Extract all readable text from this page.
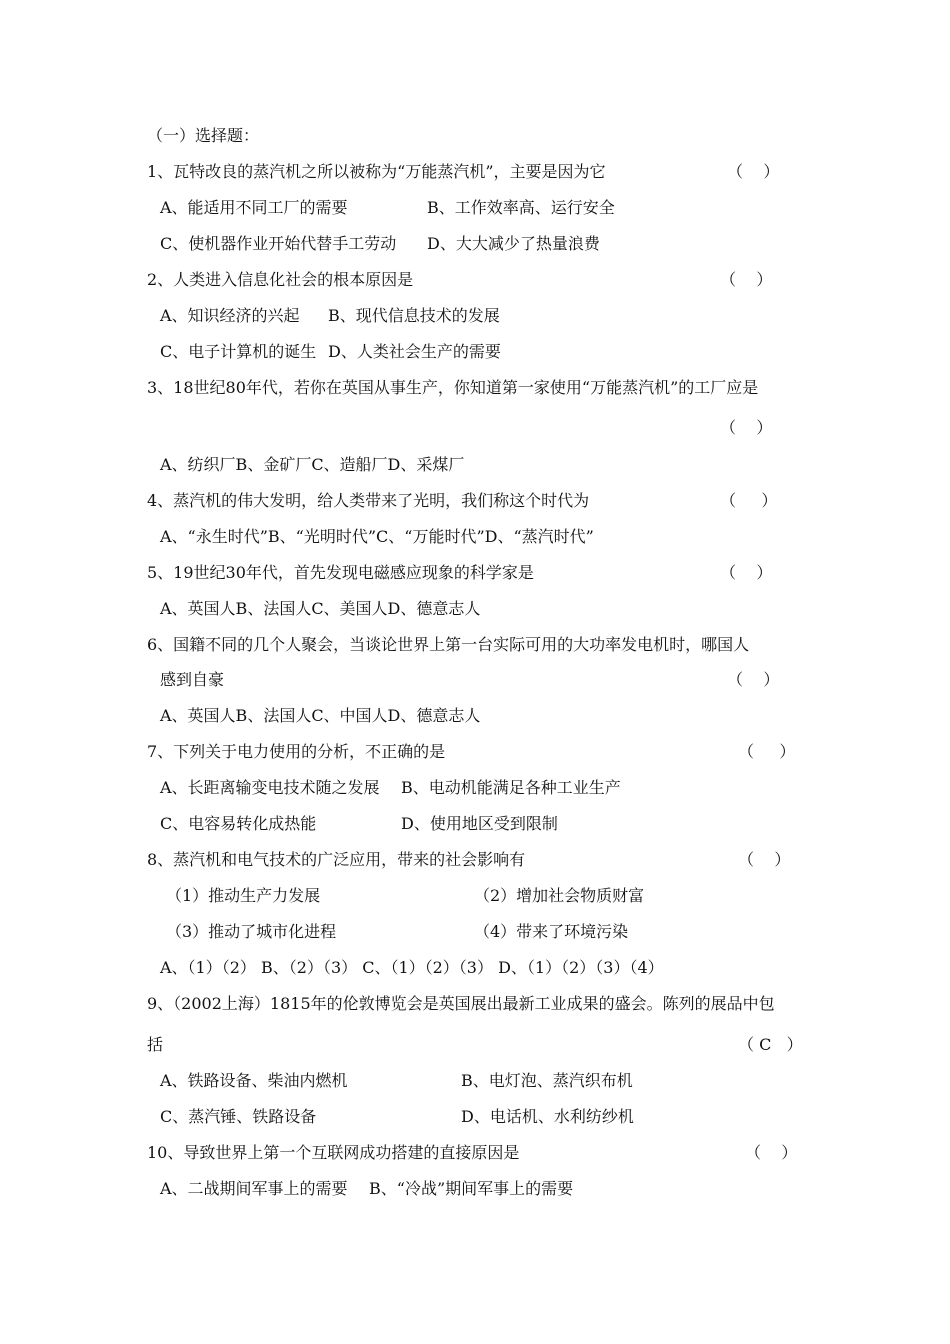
（一）选择题：
1、瓦特改良的蒸汽机之所以被称为“万能蒸汽机”，主要是因为它	（    ）
A、能适用不同工厂的需要	B、工作效率高、运行安全
C、使机器作业开始代替手工劳动 D、大大减少了热量浪费
2、人类进入信息化社会的根本原因是	（    ）
A、知识经济的兴起 B、现代信息技术的发展
C、电子计算机的诞生 D、人类社会生产的需要
3、18世纪80年代，若你在英国从事生产，你知道第一家使用“万能蒸汽机”的工厂应是
（    ）
A、纺织厂B、金矿厂C、造船厂D、采煤厂
4、蒸汽机的伟大发明，给人类带来了光明，我们称这个时代为	（     ）
A、“永生时代”B、“光明时代”C、“万能时代”D、“蒸汽时代”
5、19世纪30年代，首先发现电磁感应现象的科学家是	（    ）
A、英国人B、法国人C、美国人D、德意志人
6、国籍不同的几个人聚会，当谈论世界上第一台实际可用的大功率发电机时，哪国人
感到自豪	（    ）
A、英国人B、法国人C、中国人D、德意志人
7、下列关于电力使用的分析，不正确的是	（     ）
A、长距离输变电技术随之发展 B、电动机能满足各种工业生产
C、电容易转化成热能	D、使用地区受到限制
8、蒸汽机和电气技术的广泛应用，带来的社会影响有	（    ）
（1）推动生产力发展	（2）增加社会物质财富
（3）推动了城市化进程	（4）带来了环境污染
A、（1）（2） B、（2）（3） C、（1）（2）（3） D、（1）（2）（3）（4）
9、（2002上海）1815年的伦敦博览会是英国展出最新工业成果的盛会。陈列的展品中包
括	（ C   ）
A、铁路设备、柴油内燃机	B、电灯泡、蒸汽织布机
C、蒸汽锤、铁路设备	D、电话机、水利纺纱机
10、导致世界上第一个互联网成功搭建的直接原因是	（    ）
A、二战期间军事上的需要 B、“冷战”期间军事上的需要
